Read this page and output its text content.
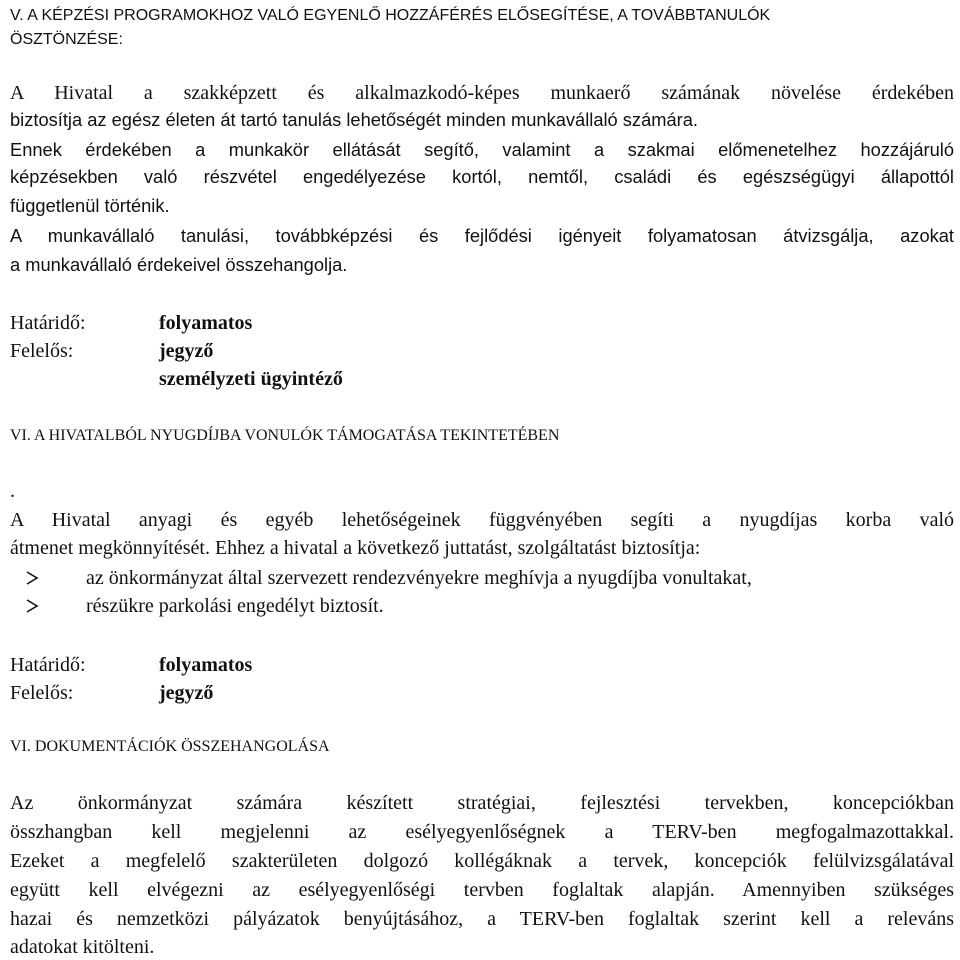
V. A KÉPZÉSI PROGRAMOKHOZ VALÓ EGYENLŐ HOZZÁFÉRÉS ELŐSEGÍTÉSE, A TOVÁBBTANULÓK
ÖSZTÖNZÉSE:
A Hivatal a szakképzett és alkalmazkodó-képes munkaerő számának növelése érdekében
biztosítja az egész életen át tartó tanulás lehetőségét minden munkavállaló számára.
Ennek érdekében a munkakör ellátását segítő, valamint a szakmai előmenetelhez hozzájáruló
képzésekben való részvétel engedélyezése kortól, nemtől, családi és egészségügyi állapottól
függetlenül történik.
A munkavállaló tanulási, továbbképzési és fejlődési igényeit folyamatosan átvizsgálja, azokat
a munkavállaló érdekeivel összehangolja.
Határidő:	folyamatos
Felelős:	jegyző
személyzeti ügyintéző
VI. A HIVATALBÓL NYUGDÍJBA VONULÓK TÁMOGATÁSA TEKINTETÉBEN
.
A Hivatal anyagi és egyéb lehetőségeinek függvényében segíti a nyugdíjas korba való
átmenet megkönnyítését. Ehhez a hivatal a következő juttatást, szolgáltatást biztosítja:
az önkormányzat által szervezett rendezvényekre meghívja a nyugdíjba vonultakat,
részükre parkolási engedélyt biztosít.
Határidő:	folyamatos
Felelős:	jegyző
VI. DOKUMENTÁCIÓK ÖSSZEHANGOLÁSA
Az önkormányzat számára készített stratégiai, fejlesztési tervekben, koncepciókban
összhangban kell megjelenni az esélyegyenlőségnek a TERV-ben megfogalmazottakkal.
Ezeket a megfelelő szakterületen dolgozó kollégáknak a tervek, koncepciók felülvizsgálatával
együtt kell elvégezni az esélyegyenlőségi tervben foglaltak alapján. Amennyiben szükséges
hazai és nemzetközi pályázatok benyújtásához, a TERV-ben foglaltak szerint kell a releváns
adatokat kitölteni.
